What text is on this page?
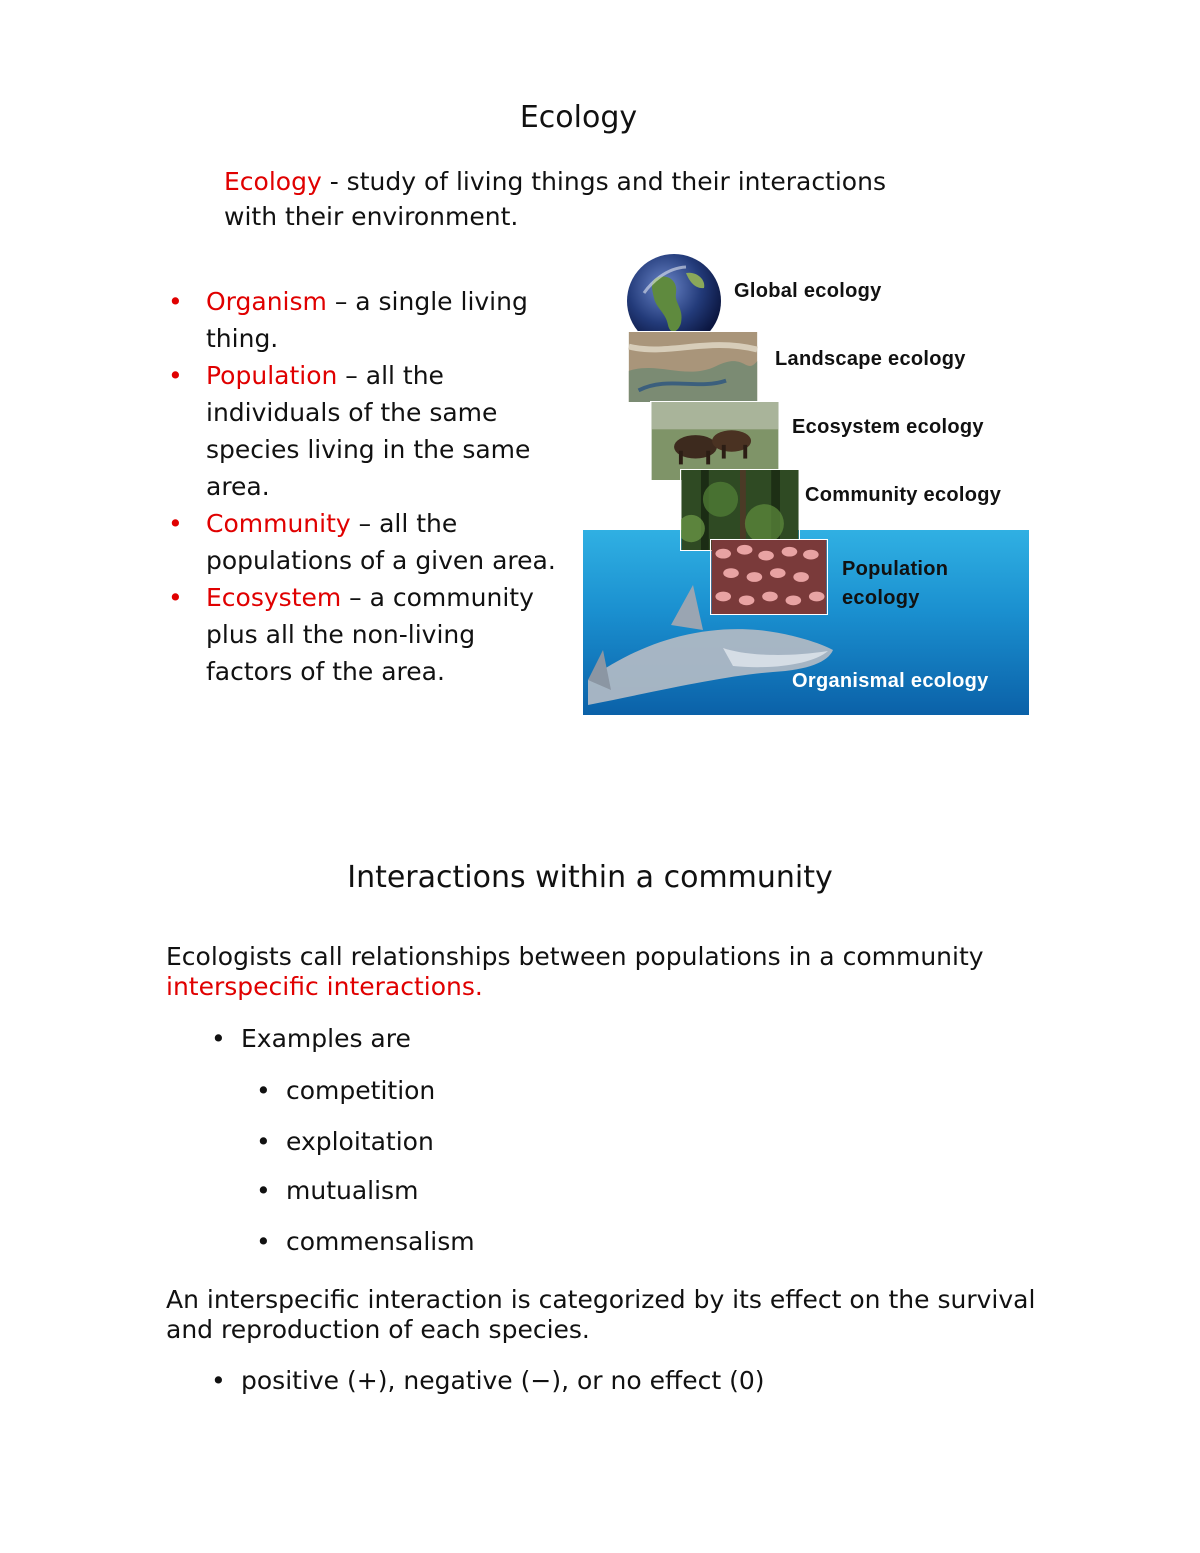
Ecology
Ecology - study of living things and their interactions
with their environment.
• Organism – a single living thing.
• Population – all the individuals of the same species living in the same area.
• Community – all the populations of a given area.
• Ecosystem – a community plus all the non-living factors of the area.
Global ecology
Landscape ecology
Ecosystem ecology
Community ecology
Population
ecology
Organismal ecology
Interactions within a community
Ecologists call relationships between populations in a community
interspecific interactions.
• Examples are
• competition
• exploitation
• mutualism
• commensalism
An interspecific interaction is categorized by its effect on the survival
and reproduction of each species.
• positive (+), negative (−), or no effect (0)
